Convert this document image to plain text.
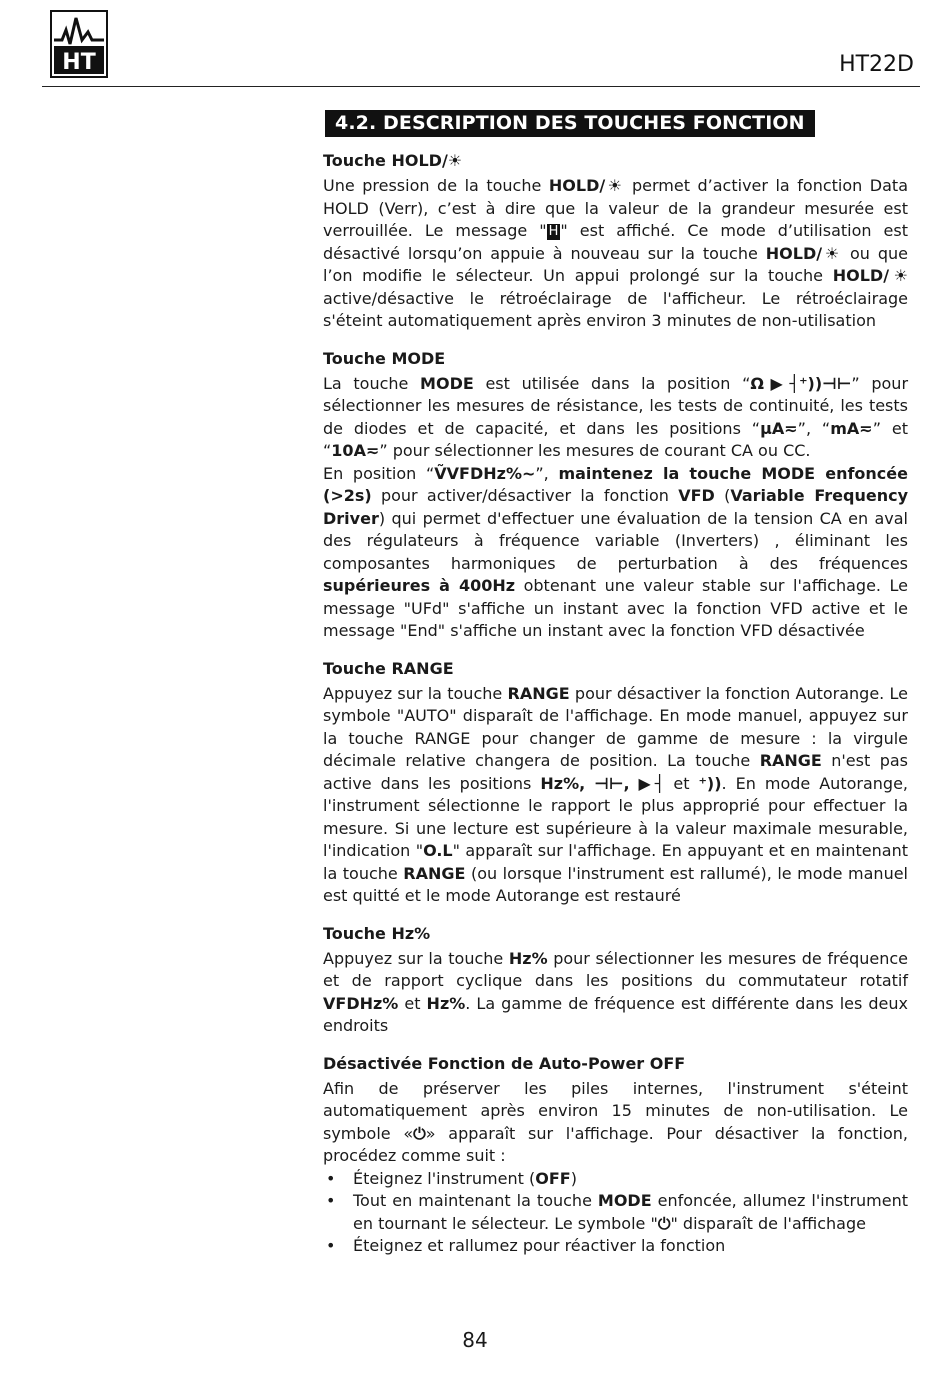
HT	HT22D
4.2. DESCRIPTION DES TOUCHES FONCTION
Touche HOLD/☀

Une pression de la touche HOLD/☀ permet d’activer la fonction Data HOLD (Verr), c’est à dire que la valeur de la grandeur mesurée est verrouillée. Le message " H " est affiché. Ce mode d’utilisation est désactivé lorsqu’on appuie à nouveau sur la touche HOLD/☀ ou que l’on modifie le sélecteur. Un appui prolongé sur la touche HOLD/☀ active/désactive le rétroéclairage de l'afficheur. Le rétroéclairage s'éteint automatiquement après environ 3 minutes de non-utilisation

Touche MODE

La touche MODE est utilisée dans la position “Ω▶┤⁺))⊣⊢” pour sélectionner les mesures de résistance, les tests de continuité, les tests de diodes et de capacité, et dans les positions “µA≂”, “mA≂” et “10A≂” pour sélectionner les mesures de courant CA ou CC.

En position “ṼVFDHz%~”, maintenez la touche MODE enfoncée (>2s) pour activer/désactiver la fonction VFD (Variable Frequency Driver) qui permet d'effectuer une évaluation de la tension CA en aval des régulateurs à fréquence variable (Inverters) , éliminant les composantes harmoniques de perturbation à des fréquences supérieures à 400Hz obtenant une valeur stable sur l'affichage. Le message "UFd" s'affiche un instant avec la fonction VFD active et le message "End" s'affiche un instant avec la fonction VFD désactivée

Touche RANGE

Appuyez sur la touche RANGE pour désactiver la fonction Autorange. Le symbole "AUTO" disparaît de l'affichage. En mode manuel, appuyez sur la touche RANGE pour changer de gamme de mesure : la virgule décimale relative changera de position. La touche RANGE n'est pas active dans les positions Hz%, ⊣⊢, ▶┤ et ⁺)). En mode Autorange, l'instrument sélectionne le rapport le plus approprié pour effectuer la mesure. Si une lecture est supérieure à la valeur maximale mesurable, l'indication "O.L" apparaît sur l'affichage. En appuyant et en maintenant la touche RANGE (ou lorsque l'instrument est rallumé), le mode manuel est quitté et le mode Autorange est restauré

Touche Hz%

Appuyez sur la touche Hz% pour sélectionner les mesures de fréquence et de rapport cyclique dans les positions du commutateur rotatif VFDHz% et Hz%. La gamme de fréquence est différente dans les deux endroits

Désactivée Fonction de Auto-Power OFF

Afin de préserver les piles internes, l'instrument s'éteint automatiquement après environ 15 minutes de non-utilisation. Le symbole «⏻» apparaît sur l'affichage. Pour désactiver la fonction, procédez comme suit :

• Éteignez l'instrument (OFF)
• Tout en maintenant la touche MODE enfoncée, allumez l'instrument en tournant le sélecteur. Le symbole "⏻" disparaît de l'affichage
• Éteignez et rallumez pour réactiver la fonction
84
